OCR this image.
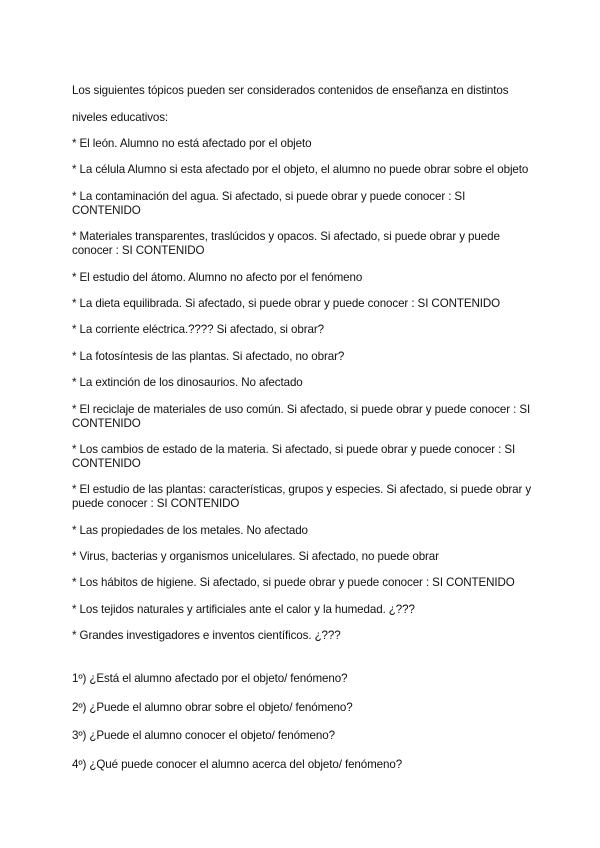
Los siguientes tópicos pueden ser considerados contenidos de enseñanza en distintos

niveles educativos:

* El león. Alumno no está afectado por el objeto

* La célula Alumno si esta afectado por el objeto, el alumno no puede obrar sobre el objeto

* La contaminación del agua. Si afectado, si puede obrar y puede conocer : SI CONTENIDO

* Materiales transparentes, traslúcidos y opacos. Si afectado, si puede obrar y puede conocer : SI CONTENIDO

* El estudio del átomo. Alumno no afecto por el fenómeno

* La dieta equilibrada. Si afectado, si puede obrar y puede conocer : SI CONTENIDO

* La corriente eléctrica.???? Si afectado, si obrar?

* La fotosíntesis de las plantas. Si afectado, no obrar?

* La extinción de los dinosaurios. No afectado

* El reciclaje de materiales de uso común. Si afectado, si puede obrar y puede conocer : SI CONTENIDO

* Los cambios de estado de la materia. Si afectado, si puede obrar y puede conocer : SI CONTENIDO

* El estudio de las plantas: características, grupos y especies. Si afectado, si puede obrar y puede conocer : SI CONTENIDO

* Las propiedades de los metales. No afectado

* Virus, bacterias y organismos unicelulares. Si afectado, no puede obrar

* Los hábitos de higiene. Si afectado, si puede obrar y puede conocer : SI CONTENIDO

* Los tejidos naturales y artificiales ante el calor y la humedad. ¿???

* Grandes investigadores e inventos científicos. ¿???

1º) ¿Está el alumno afectado por el objeto/ fenómeno?

2º) ¿Puede el alumno obrar sobre el objeto/ fenómeno?

3º) ¿Puede el alumno conocer el objeto/ fenómeno?

4º) ¿Qué puede conocer el alumno acerca del objeto/ fenómeno?
